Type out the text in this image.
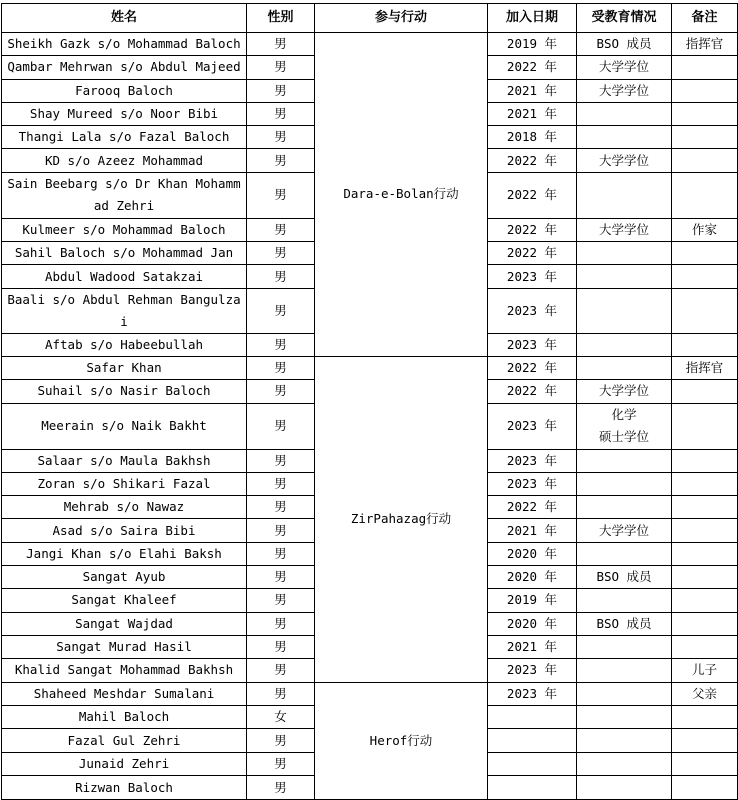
姓名	性别	参与行动	加入日期	受教育情况	备注
Sheikh Gazk s/o Mohammad Baloch	男	Dara-e-Bolan行动	2019 年	BSO 成员	指挥官
Qambar Mehrwan s/o Abdul Majeed	男		2022 年	大学学位	

Farooq Baloch	男		2021 年	大学学位	

Shay Mureed s/o Noor Bibi	男		2021 年	

Thangi Lala s/o Fazal Baloch	男		2018 年	

KD s/o Azeez Mohammad	男		2022 年	大学学位	

Sain Beebarg s/o Dr Khan Mohammad Zehri	男		2022 年	

Kulmeer s/o Mohammad Baloch	男		2022 年	大学学位	作家
Sahil Baloch s/o Mohammad Jan	男		2022 年	

Abdul Wadood Satakzai	男		2023 年	

Baali s/o Abdul Rehman Bangulzai	男		2023 年	

Aftab s/o Habeebullah	男		2023 年	

Safar Khan	男	ZirPahazag行动	2022 年		指挥官
Suhail s/o Nasir Baloch	男		2022 年	大学学位	

Meerain s/o Naik Bakht	男		2023 年	化学
硕士学位	

Salaar s/o Maula Bakhsh	男		2023 年	

Zoran s/o Shikari Fazal	男		2023 年	

Mehrab s/o Nawaz	男		2022 年	

Asad s/o Saira Bibi	男		2021 年	大学学位	

Jangi Khan s/o Elahi Baksh	男		2020 年	

Sangat Ayub	男		2020 年	BSO 成员	

Sangat Khaleef	男		2019 年	

Sangat Wajdad	男		2020 年	BSO 成员	

Sangat Murad Hasil	男		2021 年	

Khalid Sangat Mohammad Bakhsh	男		2023 年		儿子
Shaheed Meshdar Sumalani	男	Herof行动	2023 年		父亲
Mahil Baloch	女			

Fazal Gul Zehri	男			

Junaid Zehri	男			

Rizwan Baloch	男			
